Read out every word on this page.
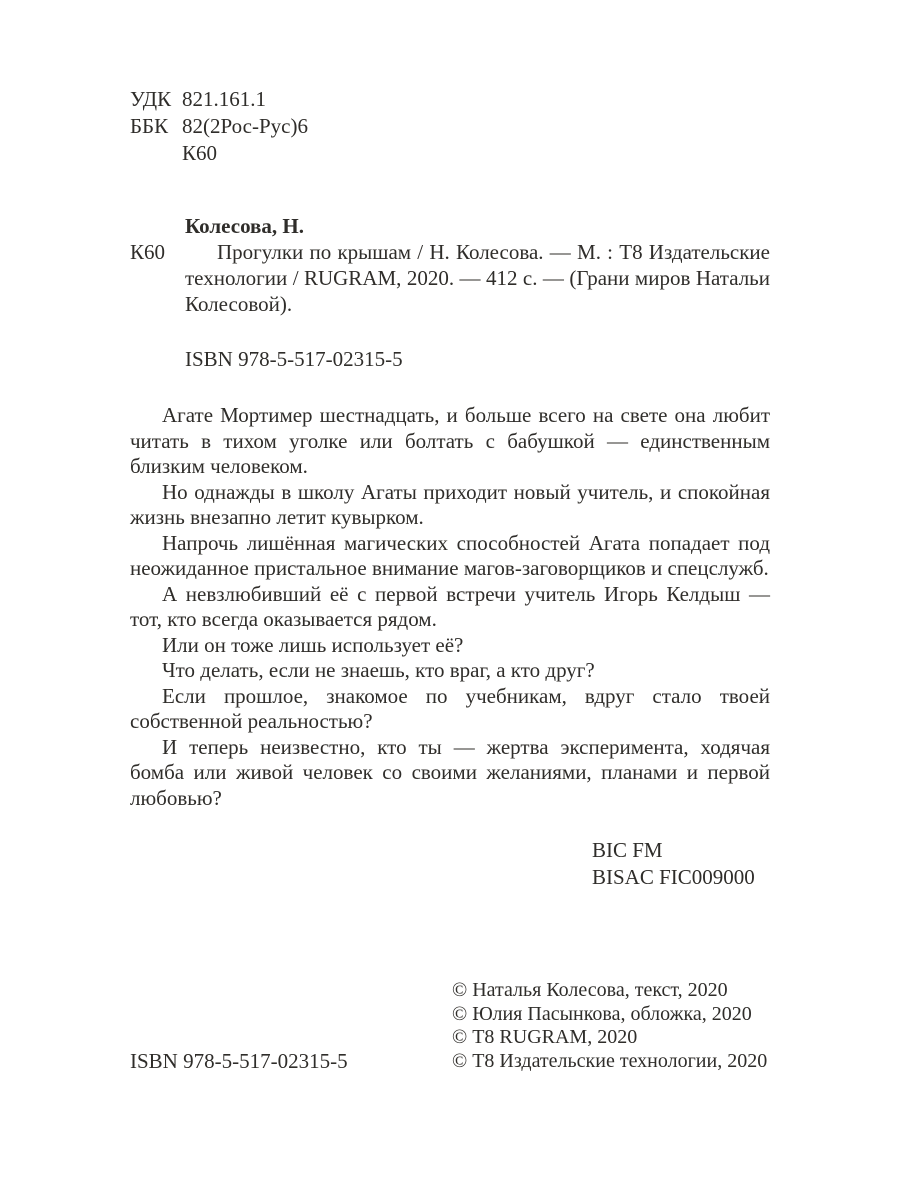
УДК 821.161.1
ББК 82(2Рос-Рус)6
К60
Колесова, Н.
К60	Прогулки по крышам / Н. Колесова. — М. : Т8 Издательские технологии / RUGRAM, 2020. — 412 с. — (Грани миров Натальи Колесовой).

ISBN 978-5-517-02315-5

Агате Мортимер шестнадцать, и больше всего на свете она любит читать в тихом уголке или болтать с бабушкой — единственным близким человеком.

Но однажды в школу Агаты приходит новый учитель, и спокойная жизнь внезапно летит кувырком.

Напрочь лишённая магических способностей Агата попадает под неожиданное пристальное внимание магов-заговорщиков и спецслужб.

А невзлюбивший её с первой встречи учитель Игорь Келдыш — тот, кто всегда оказывается рядом.

Или он тоже лишь использует её?

Что делать, если не знаешь, кто враг, а кто друг?

Если прошлое, знакомое по учебникам, вдруг стало твоей собственной реальностью?

И теперь неизвестно, кто ты — жертва эксперимента, ходячая бомба или живой человек со своими желаниями, планами и первой любовью?

BIC FM
BISAC FIC009000
ISBN 978-5-517-02315-5
© Наталья Колесова, текст, 2020
© Юлия Пасынкова, обложка, 2020
© Т8 RUGRAM, 2020
© Т8 Издательские технологии, 2020
